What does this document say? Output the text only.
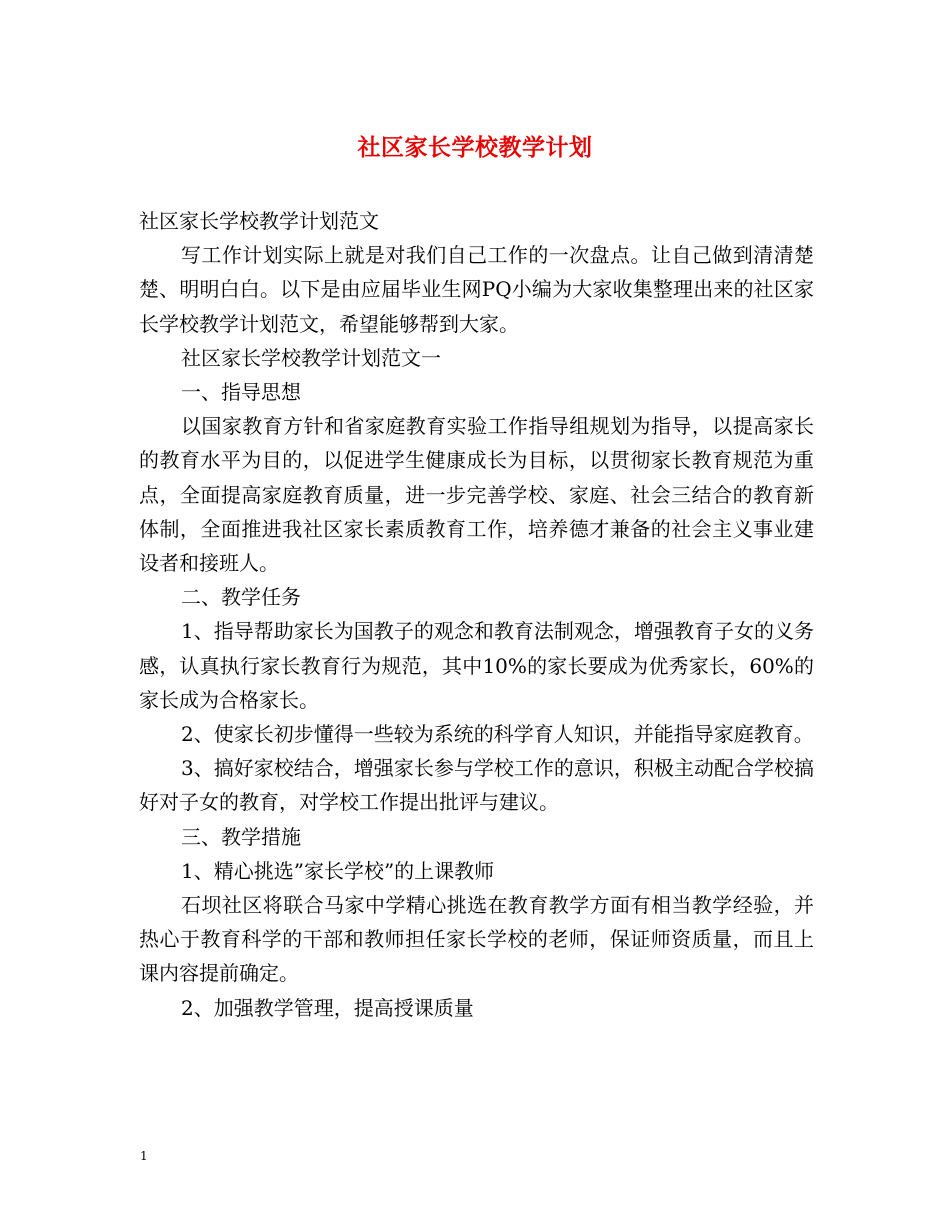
社区家长学校教学计划

社区家长学校教学计划范文

写工作计划实际上就是对我们自己工作的一次盘点。让自己做到清清楚楚、明明白白。以下是由应届毕业生网PQ小编为大家收集整理出来的社区家长学校教学计划范文，希望能够帮到大家。

社区家长学校教学计划范文一

一、指导思想

以国家教育方针和省家庭教育实验工作指导组规划为指导，以提高家长的教育水平为目的，以促进学生健康成长为目标，以贯彻家长教育规范为重点，全面提高家庭教育质量，进一步完善学校、家庭、社会三结合的教育新体制，全面推进我社区家长素质教育工作，培养德才兼备的社会主义事业建设者和接班人。

二、教学任务

1、指导帮助家长为国教子的观念和教育法制观念，增强教育子女的义务感，认真执行家长教育行为规范，其中10%的家长要成为优秀家长，60%的家长成为合格家长。

2、使家长初步懂得一些较为系统的科学育人知识，并能指导家庭教育。

3、搞好家校结合，增强家长参与学校工作的意识，积极主动配合学校搞好对子女的教育，对学校工作提出批评与建议。

三、教学措施

1、精心挑选”家长学校”的上课教师

石坝社区将联合马家中学精心挑选在教育教学方面有相当教学经验，并热心于教育科学的干部和教师担任家长学校的老师，保证师资质量，而且上课内容提前确定。

2、加强教学管理，提高授课质量

1
